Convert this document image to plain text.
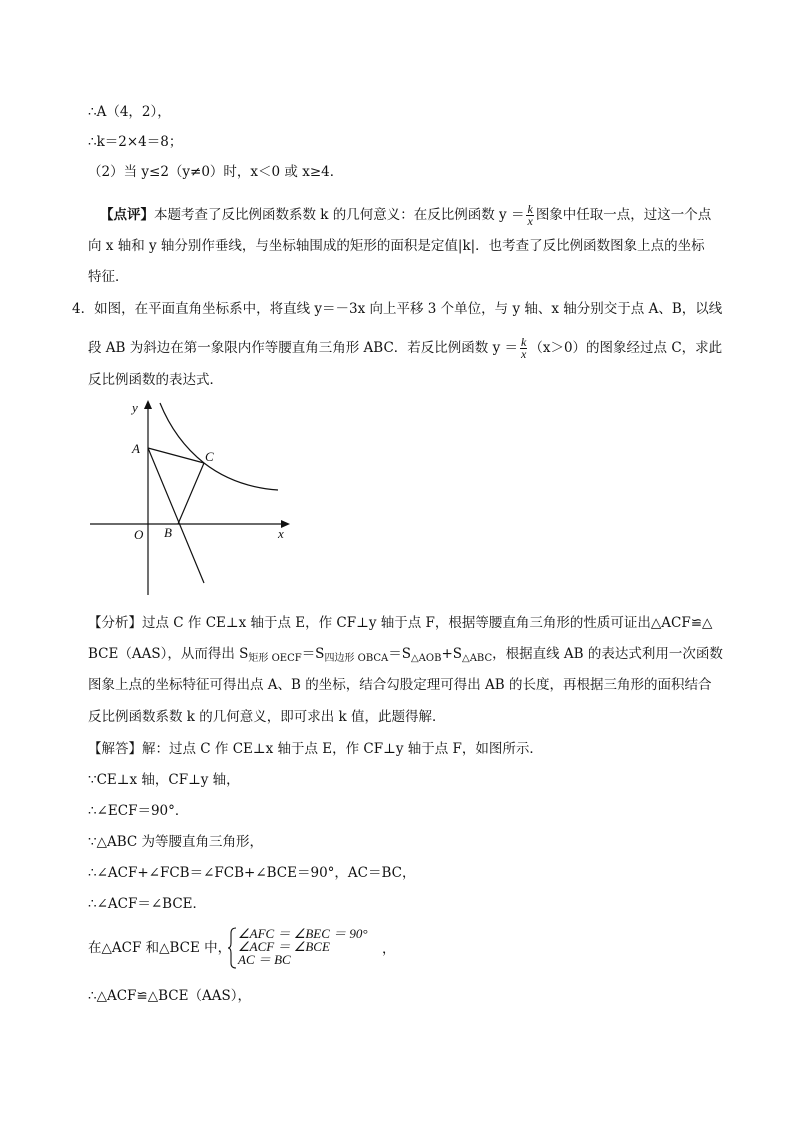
∴A（4，2），
∴k＝2×4＝8；
（2）当 y≤2（y≠0）时，x＜0 或 x≥4．
【点评】本题考查了反比例函数系数 k 的几何意义：在反比例函数 $y = \frac{k}{x}$ 图象中任取一点，过这一个点
向 x 轴和 y 轴分别作垂线，与坐标轴围成的矩形的面积是定值|k|．也考查了反比例函数图象上点的坐标
特征．
4．如图，在平面直角坐标系中，将直线 y＝－3x 向上平移 3 个单位，与 y 轴、x 轴分别交于点 A、B，以线
段 AB 为斜边在第一象限内作等腰直角三角形 ABC．若反比例函数 $y = \frac{k}{x} (x>0)$的图象经过点 C，求此
反比例函数的表达式．
y
x
A
C
B
O
【分析】过点 C 作 CE⊥x 轴于点 E，作 CF⊥y 轴于点 F，根据等腰直角三角形的性质可证出△ACF≌△
BCE（AAS），从而得出 $S_{矩形 OECF}=S_{四边形 OBCA}=S_{\triangle AOB}+S_{\triangle ABC}$，根据直线 AB 的表达式利用一次函数
图象上点的坐标特征可得出点 A、B 的坐标，结合勾股定理可得出 AB 的长度，再根据三角形的面积结合
反比例函数系数 k 的几何意义，即可求出 k 值，此题得解．
【解答】解：过点 C 作 CE⊥x 轴于点 E，作 CF⊥y 轴于点 F，如图所示．
∵CE⊥x 轴，CF⊥y 轴，
∴∠ECF＝90°．
∵△ABC 为等腰直角三角形，
∴∠ACF+∠FCB＝∠FCB+∠BCE＝90°，AC＝BC，
∴∠ACF＝∠BCE．
在△ACF 和△BCE 中，
∠AFC ＝ ∠BEC ＝ 90°
∠ACF ＝ ∠BCE
AC ＝ BC
，
∴△ACF≌△BCE（AAS），
